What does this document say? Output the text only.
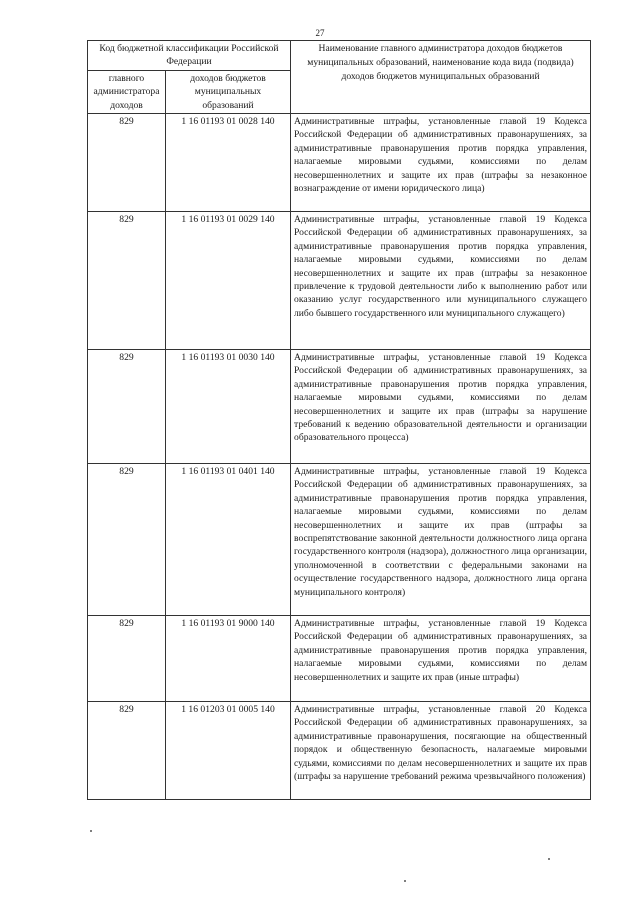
27
Код бюджетной классификации Российской Федерации		Наименование главного администратора доходов бюджетов муниципальных образований, наименование кода вида (подвида) доходов бюджетов муниципальных образований
главного администратора доходов	доходов бюджетов муниципальных образований	
829	1 16 01193 01 0028 140	Административные штрафы, установленные главой 19 Кодекса Российской Федерации об административных правонарушениях, за административные правонарушения против порядка управления, налагаемые мировыми судьями, комиссиями по делам несовершеннолетних и защите их прав (штрафы за незаконное вознаграждение от имени юридического лица)
829	1 16 01193 01 0029 140	Административные штрафы, установленные главой 19 Кодекса Российской Федерации об административных правонарушениях, за административные правонарушения против порядка управления, налагаемые мировыми судьями, комиссиями по делам несовершеннолетних и защите их прав (штрафы за незаконное привлечение к трудовой деятельности либо к выполнению работ или оказанию услуг государственного или муниципального служащего либо бывшего государственного или муниципального служащего)
829	1 16 01193 01 0030 140	Административные штрафы, установленные главой 19 Кодекса Российской Федерации об административных правонарушениях, за административные правонарушения против порядка управления, налагаемые мировыми судьями, комиссиями по делам несовершеннолетних и защите их прав (штрафы за нарушение требований к ведению образовательной деятельности и организации образовательного процесса)
829	1 16 01193 01 0401 140	Административные штрафы, установленные главой 19 Кодекса Российской Федерации об административных правонарушениях, за административные правонарушения против порядка управления, налагаемые мировыми судьями, комиссиями по делам несовершеннолетних и защите их прав (штрафы за воспрепятствование законной деятельности должностного лица органа государственного контроля (надзора), должностного лица организации, уполномоченной в соответствии с федеральными законами на осуществление государственного надзора, должностного лица органа муниципального контроля)
829	1 16 01193 01 9000 140	Административные штрафы, установленные главой 19 Кодекса Российской Федерации об административных правонарушениях, за административные правонарушения против порядка управления, налагаемые мировыми судьями, комиссиями по делам несовершеннолетних и защите их прав (иные штрафы)
829	1 16 01203 01 0005 140	Административные штрафы, установленные главой 20 Кодекса Российской Федерации об административных правонарушениях, за административные правонарушения, посягающие на общественный порядок и общественную безопасность, налагаемые мировыми судьями, комиссиями по делам несовершеннолетних и защите их прав (штрафы за нарушение требований режима чрезвычайного положения)
